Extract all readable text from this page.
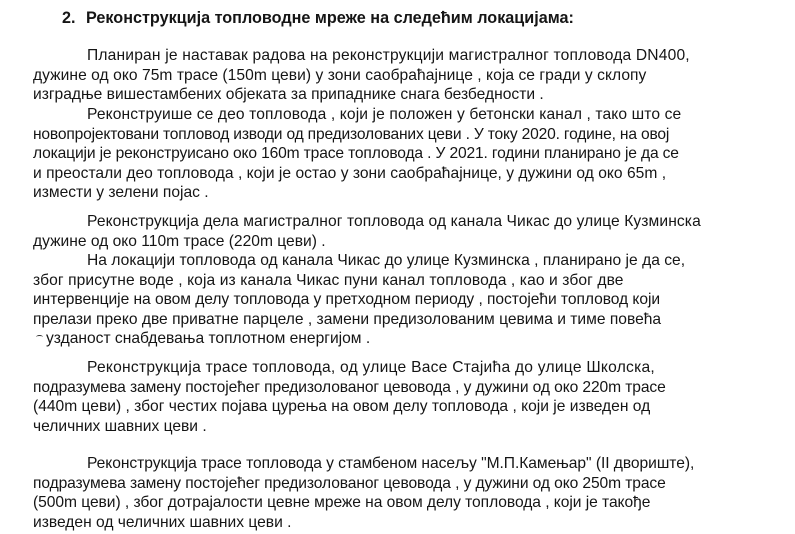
2. Реконструкција топловодне мреже на следећим локацијама:

Планиран је наставак радова на реконструкцији магистралног топловода DN400,
дужине од око 75m трасе (150m цеви) у зони саобраћајнице , која се гради у склопу
изградње вишестамбених објеката за припаднике снага безбедности .

Реконструише се део топловода , који је положен у бетонски канал , тако што се
новопројектовани топловод изводи од предизолованих цеви . У току 2020. године, на овој
локацији је реконструисано око 160m трасе топловода . У 2021. години планирано је да се
и преостали део топловода , који је остао у зони саобраћајнице, у дужини од око 65m ,
измести у зелени појас .

Реконструкција дела магистралног топловода од канала Чикас до улице Кузминска
дужине од око 110m трасе (220m цеви) .

На локацији топловода од канала Чикас до улице Кузминска , планирано је да се,
због присутне воде , која из канала Чикас пуни канал топловода , као и због две
интервенције на овом делу топловода у претходном периоду , постојећи топловод који
прелази преко две приватне парцеле , замени предизолованим цевима и тиме повећа
узданост снабдевања топлотном енергијом .

Реконструкција трасе топловода, од улице Васе Стајића до улице Школска,
подразумева замену постојећег предизолованог цевовода , у дужини од око 220m трасе
(440m цеви) , због честих појава цурења на овом делу топловода , који је изведен од
челичних шавних цеви .

Реконструкција трасе топловода у стамбеном насељу "М.П.Камењар" (II двориште),
подразумева замену постојећег предизолованог цевовода , у дужини од око 250m трасе
(500m цеви) , због дотрајалости цевне мреже на овом делу топловода , који је такође
изведен од челичних шавних цеви .
